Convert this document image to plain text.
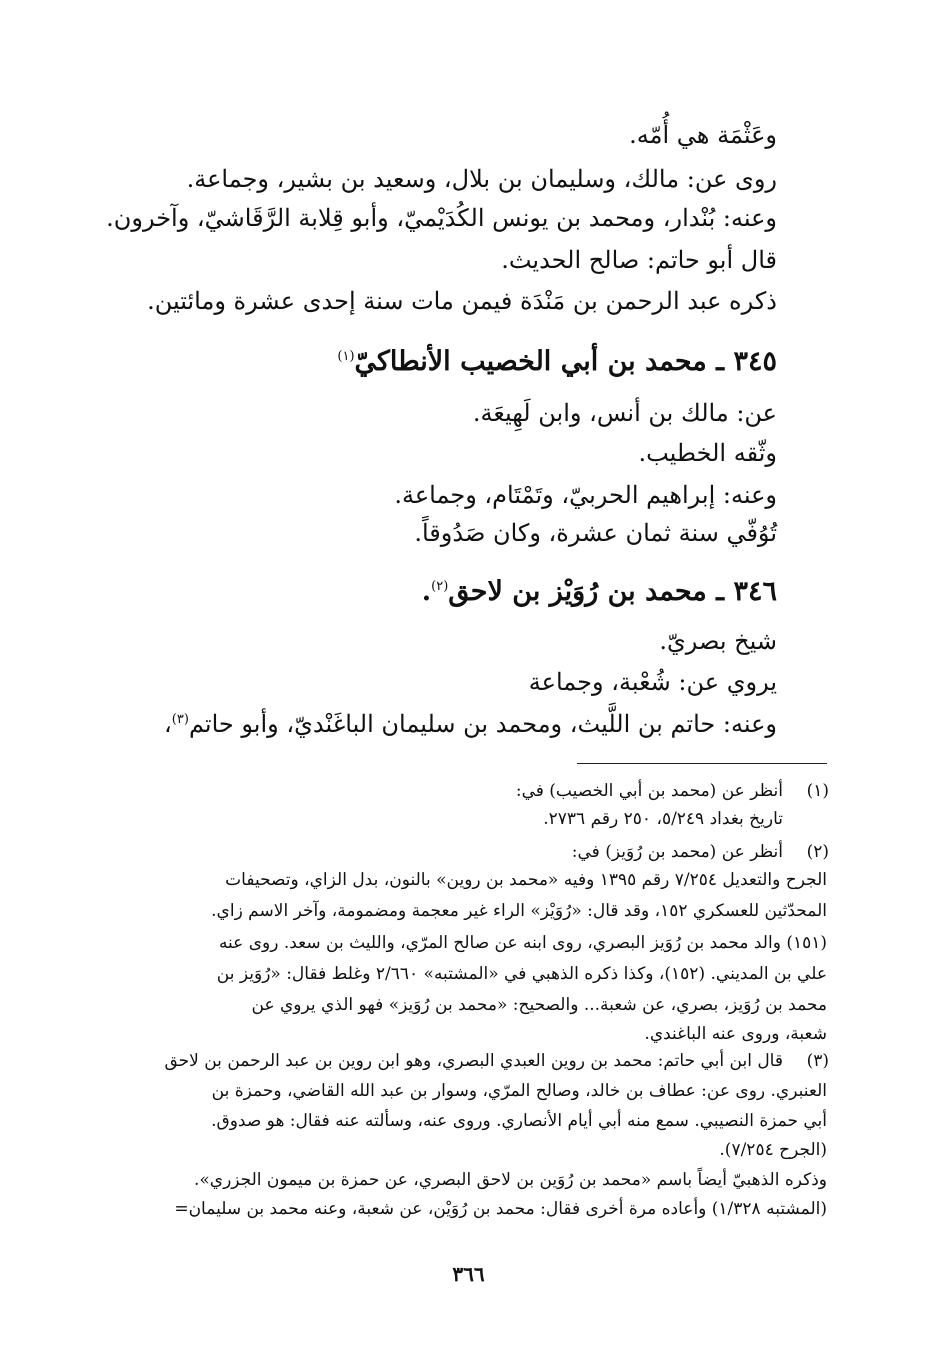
وعَثْمَة هي أُمّه.

روى عن: مالك، وسليمان بن بلال، وسعيد بن بشير، وجماعة.

وعنه: بُنْدار، ومحمد بن يونس الكُدَيْميّ، وأبو قِلابة الرَّقَاشيّ، وآخرون.

قال أبو حاتم: صالح الحديث.

ذكره عبد الرحمن بن مَنْدَة فيمن مات سنة إحدى عشرة ومائتين.

٣٤٥ ـ محمد بن أبي الخصيب الأنطاكيّ$^{(١)}$

عن: مالك بن أنس، وابن لَهِيعَة.

وثّقه الخطيب.

وعنه: إبراهيم الحربيّ، وتَمْتَام، وجماعة.

تُوُفّي سنة ثمان عشرة، وكان صَدُوقاً.

٣٤٦ ـ محمد بن رُوَيْز بن لاحق$^{(٢)}$.

شيخ بصريّ.

يروي عن: شُعْبة، وجماعة

وعنه: حاتم بن اللَّيث، ومحمد بن سليمان الباغَنْديّ، وأبو حاتم$^{(٣)}$،

(١)

أنظر عن (محمد بن أبي الخصيب) في:

تاريخ بغداد ٥/٢٤٩، ٢٥٠ رقم ٢٧٣٦.

(٢)

أنظر عن (محمد بن رُوَيز) في:

الجرح والتعديل ٧/٢٥٤ رقم ١٣٩٥ وفيه «محمد بن روين» بالنون، بدل الزاي، وتصحيفات

المحدّثين للعسكري ١٥٢، وقد قال: «رُوَيْز» الراء غير معجمة ومضمومة، وآخر الاسم زاي.

(١٥١) والد محمد بن رُوَيز البصري، روى ابنه عن صالح المرّي، والليث بن سعد. روى عنه

علي بن المديني. (١٥٢)، وكذا ذكره الذهبي في «المشتبه» ٢/٦٦٠ وغلط فقال: «رُوَيز بن

محمد بن رُوَيز، بصري، عن شعبة... والصحيح: «محمد بن رُوَيز» فهو الذي يروي عن

شعبة، وروى عنه الباغندي.

(٣)

قال ابن أبي حاتم: محمد بن روين العبدي البصري، وهو ابن روين بن عبد الرحمن بن لاحق

العنبري. روى عن: عطاف بن خالد، وصالح المرّي، وسوار بن عبد الله القاضي، وحمزة بن

أبي حمزة النصيبي. سمع منه أبي أيام الأنصاري. وروى عنه، وسألته عنه فقال: هو صدوق.

(الجرح ٧/٢٥٤).

وذكره الذهبيّ أيضاً باسم «محمد بن رُوَين بن لاحق البصري، عن حمزة بن ميمون الجزري».

(المشتبه ١/٣٢٨) وأعاده مرة أخرى فقال: محمد بن رُوَيْن، عن شعبة، وعنه محمد بن سليمان=

٣٦٦
